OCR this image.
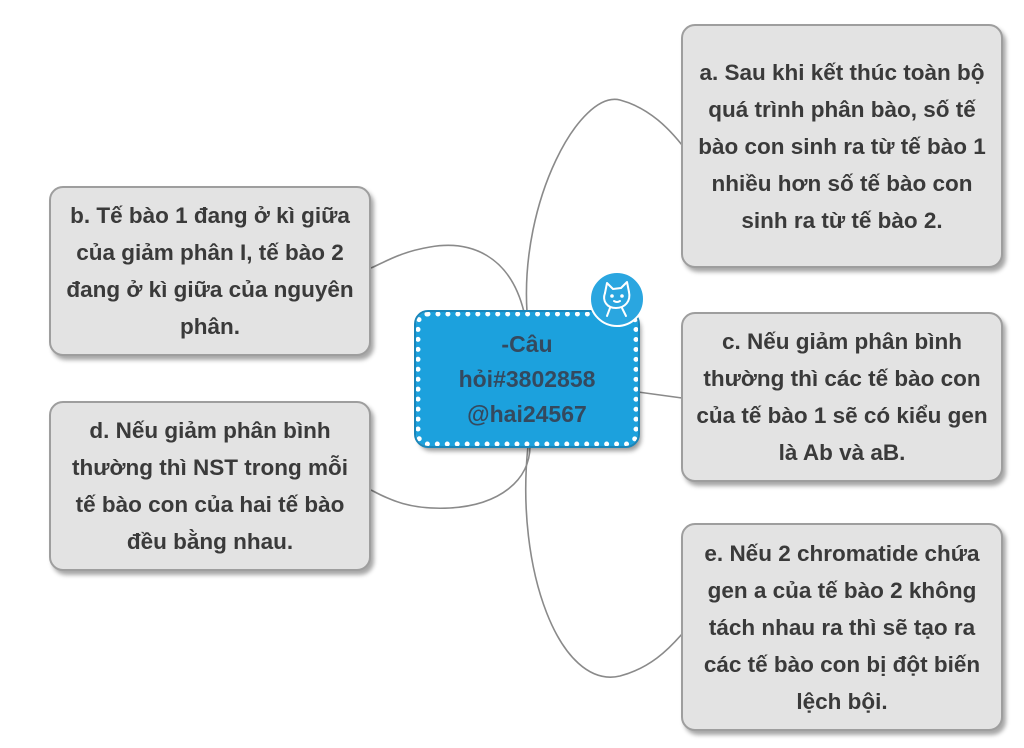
a. Sau khi kết thúc toàn bộ quá trình phân bào, số tế bào con sinh ra từ tế bào 1 nhiều hơn số tế bào con sinh ra từ tế bào 2.
b. Tế bào 1 đang ở kì giữa của giảm phân I, tế bào 2 đang ở kì giữa của nguyên phân.
c. Nếu giảm phân bình thường thì các tế bào con của tế bào 1 sẽ có kiểu gen là Ab và aB.
d. Nếu giảm phân bình thường thì NST trong mỗi tế bào con của hai tế bào đều bằng nhau.	e. Nếu 2 chromatide chứa gen a của tế bào 2 không tách nhau ra thì sẽ tạo ra các tế bào con bị đột biến lệch bội.
-Câu
hỏi#3802858
@hai24567
